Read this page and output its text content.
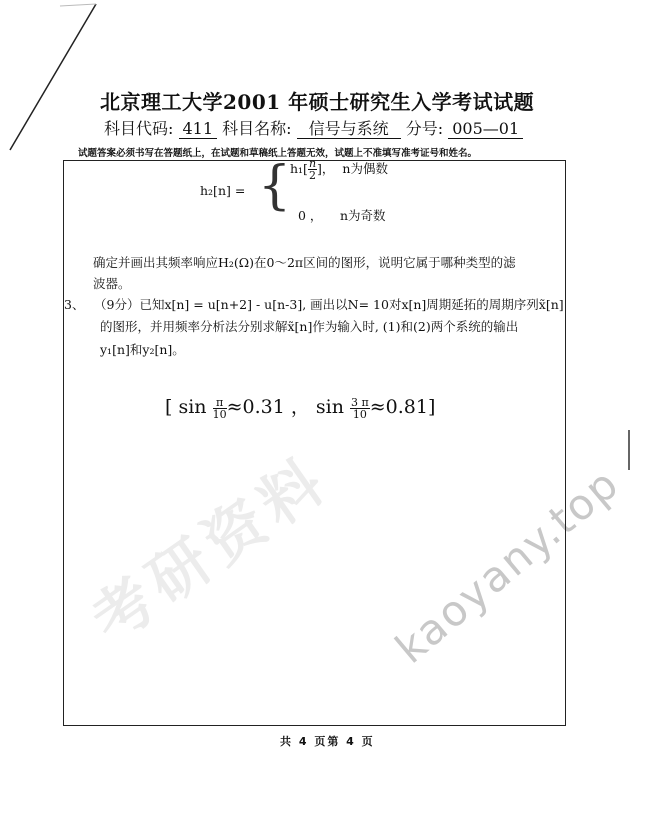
考研资料 kaoyany.top
北京理工大学2001 年硕士研究生入学考试试题
科目代码: 411 科目名称: 信号与系统 分号: 005—01
试题答案必须书写在答题纸上，在试题和草稿纸上答题无效，试题上不准填写准考证号和姓名。
h₂[n] = {
$h_1[ \frac{n}{2}$ ]， n为偶数
0 ， n为奇数
确定并画出其频率响应H₂(Ω)在0～2π区间的图形，说明它属于哪种类型的滤
波器。
3、 （9分）已知x[n] = u[n+2] - u[n-3], 画出以N= 10对x[n]周期延拓的周期序列x̃[n]
的图形，并用频率分析法分别求解x̃[n]作为输入时, (1)和(2)两个系统的输出
y₁[n]和y₂[n]。
[ $\sin \frac{\pi}{10} \approx 0.31$ ， $\sin \frac{3 \pi}{10} \approx 0.81$]
共 4 页第 4 页
